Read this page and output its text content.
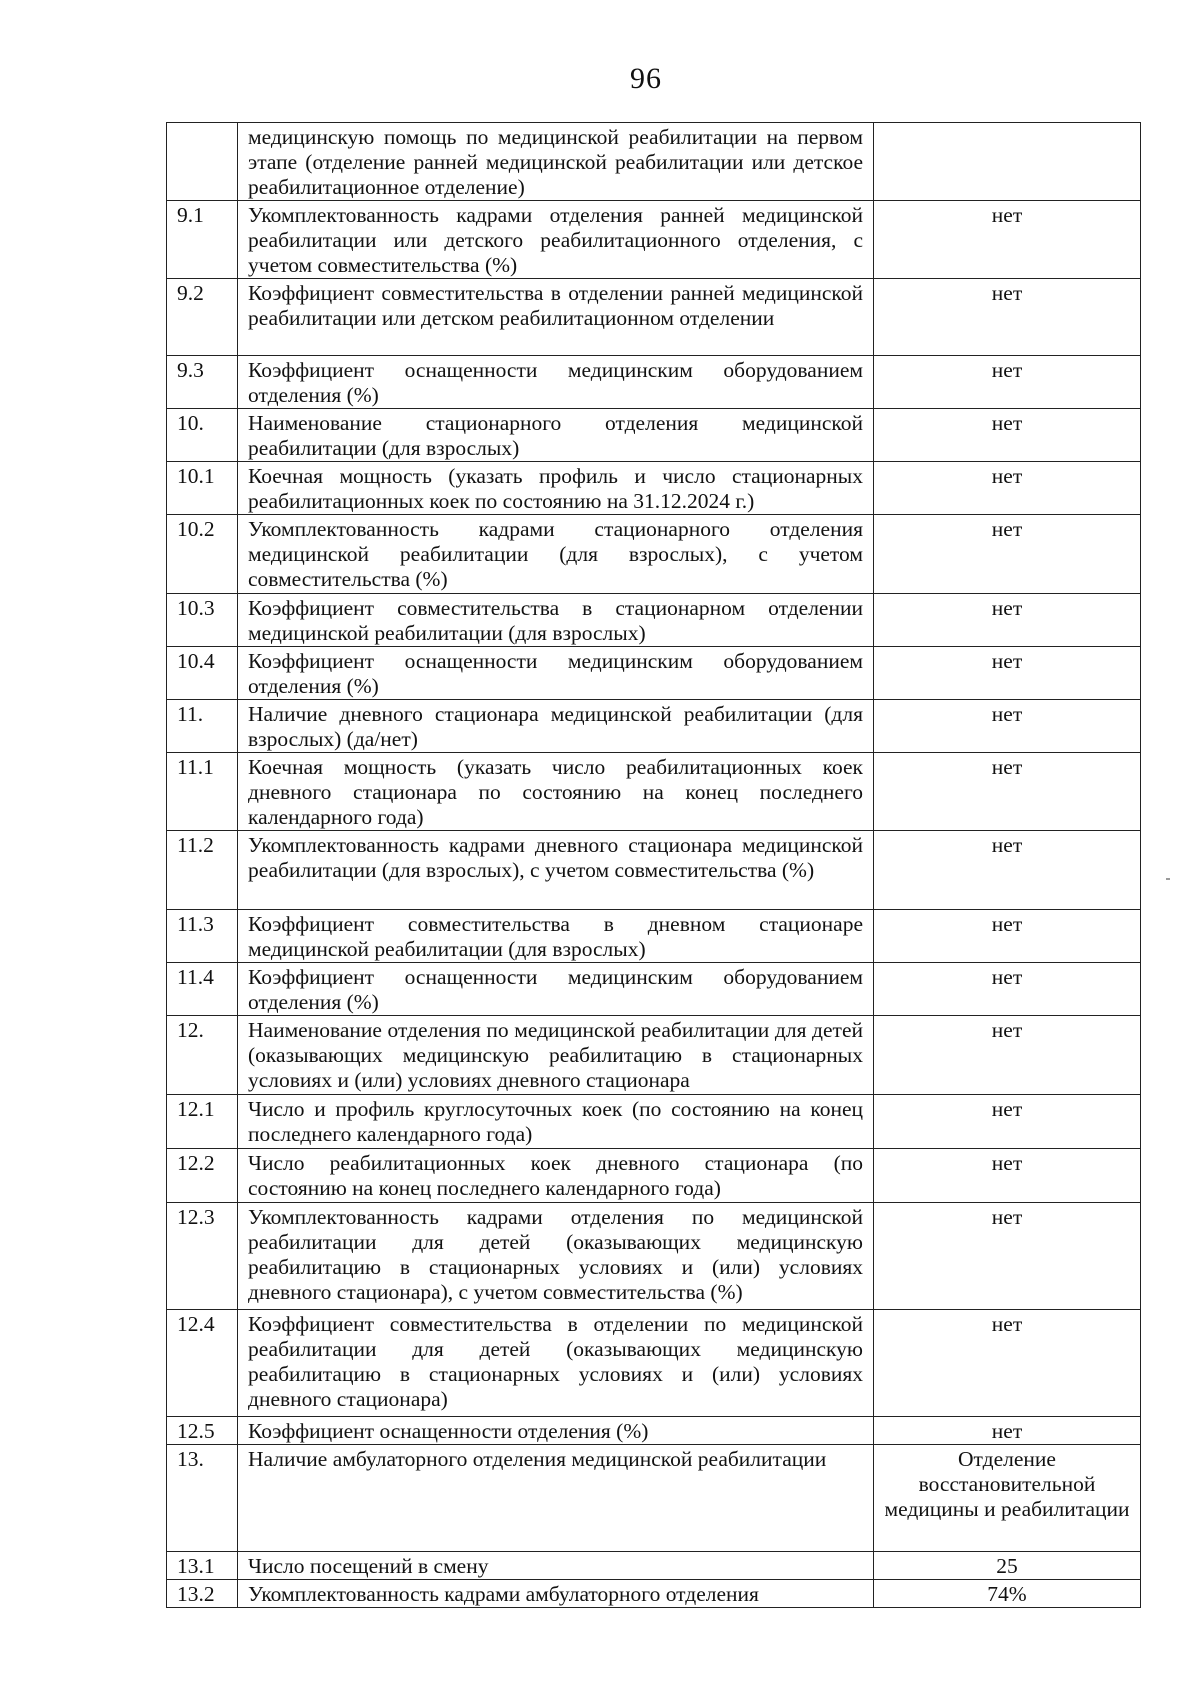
96
	медицинскую помощь по медицинской реабилитации на первом этапе (отделение ранней медицинской реабилитации или детское реабилитационное отделение)	
9.1	Укомплектованность кадрами отделения ранней медицинской реабилитации или детского реабилитационного отделения, с учетом совместительства (%)	нет
9.2	Коэффициент совместительства в отделении ранней медицинской реабилитации или детском реабилитационном отделении	нет
9.3	Коэффициент оснащенности медицинским оборудованием отделения (%)	нет
10.	Наименование стационарного отделения медицинской реабилитации (для взрослых)	нет
10.1	Коечная мощность (указать профиль и число стационарных реабилитационных коек по состоянию на 31.12.2024 г.)	нет
10.2	Укомплектованность кадрами стационарного отделения медицинской реабилитации (для взрослых), с учетом совместительства (%)	нет
10.3	Коэффициент совместительства в стационарном отделении медицинской реабилитации (для взрослых)	нет
10.4	Коэффициент оснащенности медицинским оборудованием отделения (%)	нет
11.	Наличие дневного стационара медицинской реабилитации (для взрослых) (да/нет)	нет
11.1	Коечная мощность (указать число реабилитационных коек дневного стационара по состоянию на конец последнего календарного года)	нет
11.2	Укомплектованность кадрами дневного стационара медицинской реабилитации (для взрослых), с учетом совместительства (%)	нет
11.3	Коэффициент совместительства в дневном стационаре медицинской реабилитации (для взрослых)	нет
11.4	Коэффициент оснащенности медицинским оборудованием отделения (%)	нет
12.	Наименование отделения по медицинской реабилитации для детей (оказывающих медицинскую реабилитацию в стационарных условиях и (или) условиях дневного стационара	нет
12.1	Число и профиль круглосуточных коек (по состоянию на конец последнего календарного года)	нет
12.2	Число реабилитационных коек дневного стационара (по состоянию на конец последнего календарного года)	нет
12.3	Укомплектованность кадрами отделения по медицинской реабилитации для детей (оказывающих медицинскую реабилитацию в стационарных условиях и (или) условиях дневного стационара), с учетом совместительства (%)	нет
12.4	Коэффициент совместительства в отделении по медицинской реабилитации для детей (оказывающих медицинскую реабилитацию в стационарных условиях и (или) условиях дневного стационара)	нет
12.5	Коэффициент оснащенности отделения (%)	нет
13.	Наличие амбулаторного отделения медицинской реабилитации	Отделение восстановительной медицины и реабилитации
13.1	Число посещений в смену	25
13.2	Укомплектованность кадрами амбулаторного отделения	74%
